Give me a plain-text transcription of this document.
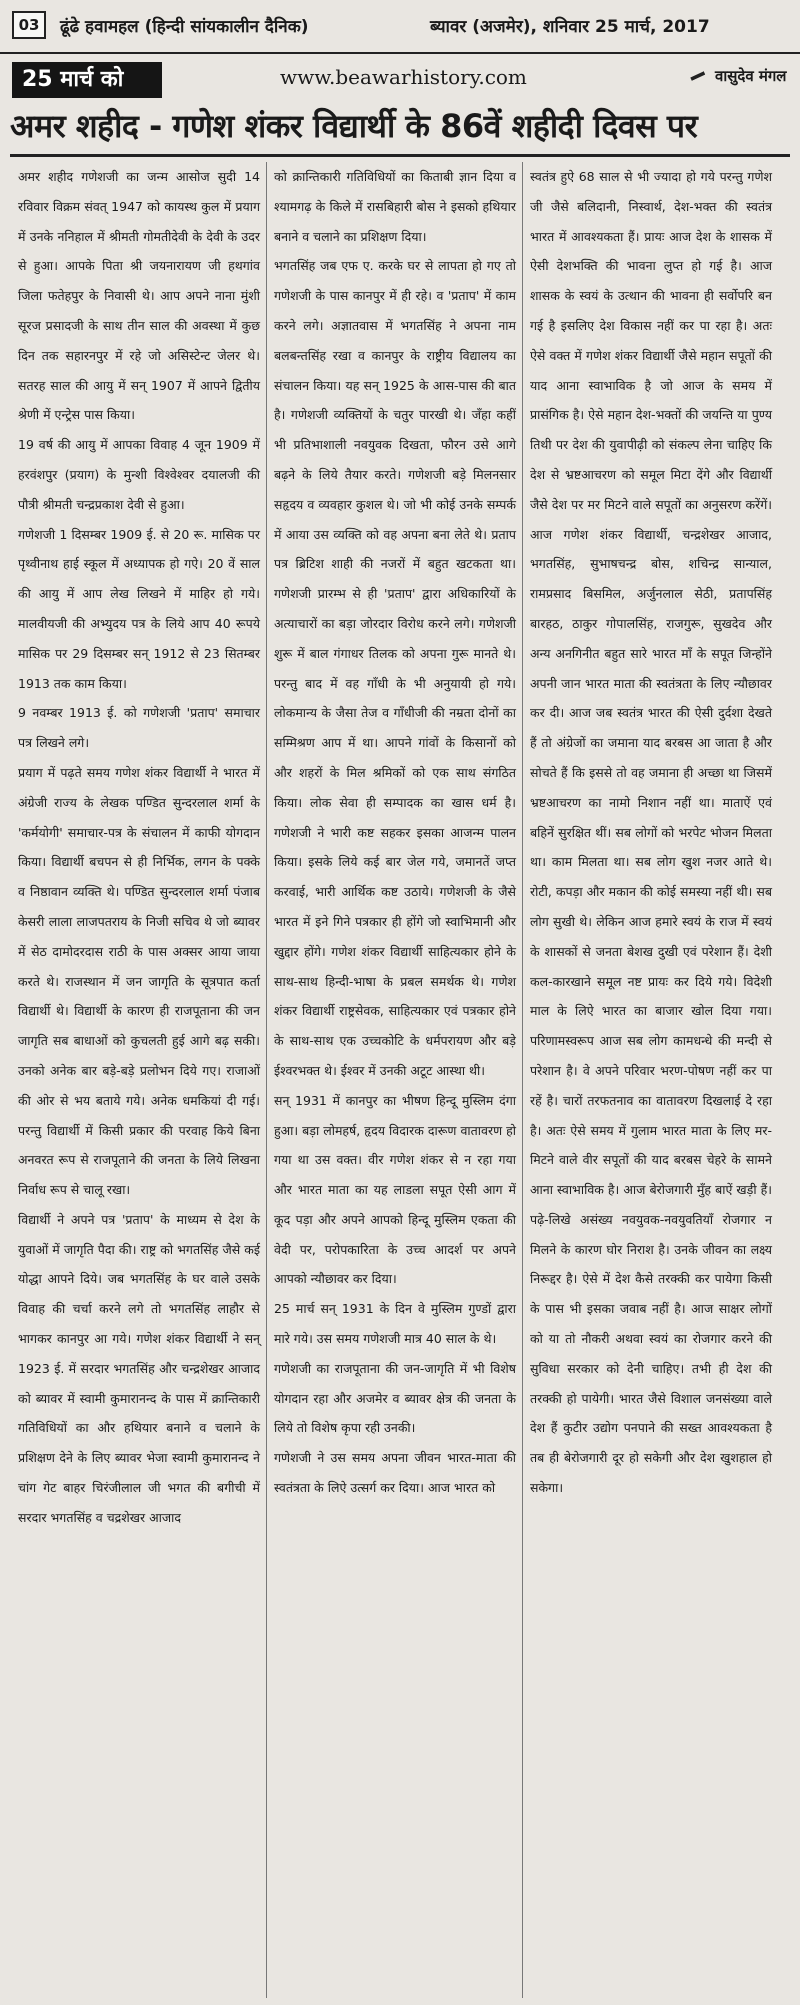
03	ढूंढे हवामहल (हिन्दी सांयकालीन दैनिक)	ब्यावर (अजमेर), शनिवार 25 मार्च, 2017
25 मार्च को	www.beawarhistory.com	वासुदेव मंगल
अमर शहीद - गणेश शंकर विद्यार्थी के 86वें शहीदी दिवस पर

अमर शहीद गणेशजी का जन्म आसोज सुदी 14 रविवार विक्रम संवत् 1947 को कायस्थ कुल में प्रयाग में उनके ननिहाल में श्रीमती गोमतीदेवी के देवी के उदर से हुआ। आपके पिता श्री जयनारायण जी हथगांव जिला फतेहपुर के निवासी थे। आप अपने नाना मुंशी सूरज प्रसादजी के साथ तीन साल की अवस्था में कुछ दिन तक सहारनपुर में रहे जो असिस्टेन्ट जेलर थे। सतरह साल की आयु में सन् 1907 में आपने द्वितीय श्रेणी में एन्ट्रेस पास किया।

19 वर्ष की आयु में आपका विवाह 4 जून 1909 में हरवंशपुर (प्रयाग) के मुन्शी विश्वेश्वर दयालजी की पौत्री श्रीमती चन्द्रप्रकाश देवी से हुआ।

गणेशजी 1 दिसम्बर 1909 ई. से 20 रू. मासिक पर पृथ्वीनाथ हाई स्कूल में अध्यापक हो गऐ। 20 वें साल की आयु में आप लेख लिखने में माहिर हो गये। मालवीयजी की अभ्युदय पत्र के लिये आप 40 रूपये मासिक पर 29 दिसम्बर सन् 1912 से 23 सितम्बर 1913 तक काम किया।

9 नवम्बर 1913 ई. को गणेशजी 'प्रताप' समाचार पत्र लिखने लगे।

प्रयाग में पढ़ते समय गणेश शंकर विद्यार्थी ने भारत में अंग्रेजी राज्य के लेखक पण्डित सुन्दरलाल शर्मा के 'कर्मयोगी' समाचार-पत्र के संचालन में काफी योगदान किया। विद्यार्थी बचपन से ही निर्भिक, लगन के पक्के व निष्ठावान व्यक्ति थे। पण्डित सुन्दरलाल शर्मा पंजाब केसरी लाला लाजपतराय के निजी सचिव थे जो ब्यावर में सेठ दामोदरदास राठी के पास अक्सर आया जाया करते थे। राजस्थान में जन जागृति के सूत्रपात कर्ता विद्यार्थी थे। विद्यार्थी के कारण ही राजपूताना की जन जागृति सब बाधाओं को कुचलती हुई आगे बढ़ सकी। उनको अनेक बार बड़े-बड़े प्रलोभन दिये गए। राजाओं की ओर से भय बताये गये। अनेक धमकियां दी गई। परन्तु विद्यार्थी में किसी प्रकार की परवाह किये बिना अनवरत रूप से राजपूताने की जनता के लिये लिखना निर्वाध रूप से चालू रखा।

विद्यार्थी ने अपने पत्र 'प्रताप' के माध्यम से देश के युवाओं में जागृति पैदा की। राष्ट्र को भगतसिंह जैसे कई योद्धा आपने दिये। जब भगतसिंह के घर वाले उसके विवाह की चर्चा करने लगे तो भगतसिंह लाहौर से भागकर कानपुर आ गये। गणेश शंकर विद्यार्थी ने सन् 1923 ई. में सरदार भगतसिंह और चन्द्रशेखर आजाद को ब्यावर में स्वामी कुमारानन्द के पास में क्रान्तिकारी गतिविधियों का और हथियार बनाने व चलाने के प्रशिक्षण देने के लिए ब्यावर भेजा स्वामी कुमारानन्द ने चांग गेट बाहर चिरंजीलाल जी भगत की बगीची में सरदार भगतसिंह व चद्रशेखर आजाद

को क्रान्तिकारी गतिविधियों का किताबी ज्ञान दिया व श्यामगढ़ के किले में रासबिहारी बोस ने इसको हथियार बनाने व चलाने का प्रशिक्षण दिया।

भगतसिंह जब एफ ए. करके घर से लापता हो गए तो गणेशजी के पास कानपुर में ही रहे। व 'प्रताप' में काम करने लगे। अज्ञातवास में भगतसिंह ने अपना नाम बलबन्तसिंह रखा व कानपुर के राष्ट्रीय विद्यालय का संचालन किया। यह सन् 1925 के आस-पास की बात है। गणेशजी व्यक्तियों के चतुर पारखी थे। जँहा कहीं भी प्रतिभाशाली नवयुवक दिखता, फौरन उसे आगे बढ़ने के लिये तैयार करते। गणेशजी बड़े मिलनसार सहृदय व व्यवहार कुशल थे। जो भी कोई उनके सम्पर्क में आया उस व्यक्ति को वह अपना बना लेते थे। प्रताप पत्र ब्रिटिश शाही की नजरों में बहुत खटकता था। गणेशजी प्रारम्भ से ही 'प्रताप' द्वारा अधिकारियों के अत्याचारों का बड़ा जोरदार विरोध करने लगे। गणेशजी शुरू में बाल गंगाधर तिलक को अपना गुरू मानते थे। परन्तु बाद में वह गाँधी के भी अनुयायी हो गये। लोकमान्य के जैसा तेज व गाँधीजी की नम्रता दोनों का सम्मिश्रण आप में था। आपने गांवों के किसानों को और शहरों के मिल श्रमिकों को एक साथ संगठित किया। लोक सेवा ही सम्पादक का खास धर्म है। गणेशजी ने भारी कष्ट सहकर इसका आजन्म पालन किया। इसके लिये कई बार जेल गये, जमानतें जप्त करवाई, भारी आर्थिक कष्ट उठाये। गणेशजी के जैसे भारत में इने गिने पत्रकार ही होंगे जो स्वाभिमानी और खुद्दार होंगे। गणेश शंकर विद्यार्थी साहित्यकार होने के साथ-साथ हिन्दी-भाषा के प्रबल समर्थक थे। गणेश शंकर विद्यार्थी राष्ट्रसेवक, साहित्यकार एवं पत्रकार होने के साथ-साथ एक उच्चकोटि के धर्मपरायण और बड़े ईश्वरभक्त थे। ईश्वर में उनकी अटूट आस्था थी।

सन् 1931 में कानपुर का भीषण हिन्दू मुस्लिम दंगा हुआ। बड़ा लोमहर्ष, हृदय विदारक दारूण वातावरण हो गया था उस वक्त। वीर गणेश शंकर से न रहा गया और भारत माता का यह लाडला सपूत ऐसी आग में कूद पड़ा और अपने आपको हिन्दू मुस्लिम एकता की वेदी पर, परोपकारिता के उच्च आदर्श पर अपने आपको न्यौछावर कर दिया।

25 मार्च सन् 1931 के दिन वे मुस्लिम गुण्डों द्वारा मारे गये। उस समय गणेशजी मात्र 40 साल के थे।

गणेशजी का राजपूताना की जन-जागृति में भी विशेष योगदान रहा और अजमेर व ब्यावर क्षेत्र की जनता के लिये तो विशेष कृपा रही उनकी।

गणेशजी ने उस समय अपना जीवन भारत-माता की स्वतंत्रता के लिऐ उत्सर्ग कर दिया। आज भारत को

स्वतंत्र हुऐ 68 साल से भी ज्यादा हो गये परन्तु गणेश जी जैसे बलिदानी, निस्वार्थ, देश-भक्त की स्वतंत्र भारत में आवश्यकता हैं। प्रायः आज देश के शासक में ऐसी देशभक्ति की भावना लुप्त हो गई है। आज शासक के स्वयं के उत्थान की भावना ही सर्वोपरि बन गई है इसलिए देश विकास नहीं कर पा रहा है। अतः ऐसे वक्त में गणेश शंकर विद्यार्थी जैसे महान सपूतों की याद आना स्वाभाविक है जो आज के समय में प्रासंगिक है। ऐसे महान देश-भक्तों की जयन्ति या पुण्य तिथी पर देश की युवापीढ़ी को संकल्प लेना चाहिए कि देश से भ्रष्टआचरण को समूल मिटा देंगे और विद्यार्थी जैसे देश पर मर मिटने वाले सपूतों का अनुसरण करेंगें। आज गणेश शंकर विद्यार्थी, चन्द्रशेखर आजाद, भगतसिंह, सुभाषचन्द्र बोस, शचिन्द्र सान्याल, रामप्रसाद बिसमिल, अर्जुनलाल सेठी, प्रतापसिंह बारहठ, ठाकुर गोपालसिंह, राजगुरू, सुखदेव और अन्य अनगिनीत बहुत सारे भारत माँ के सपूत जिन्होंने अपनी जान भारत माता की स्वतंत्रता के लिए न्यौछावर कर दी। आज जब स्वतंत्र भारत की ऐसी दुर्दशा देखते हैं तो अंग्रेजों का जमाना याद बरबस आ जाता है और सोचते हैं कि इससे तो वह जमाना ही अच्छा था जिसमें भ्रष्टआचरण का नामो निशान नहीं था। माताऐं एवं बहिनें सुरक्षित थीं। सब लोगों को भरपेट भोजन मिलता था। काम मिलता था। सब लोग खुश नजर आते थे। रोटी, कपड़ा और मकान की कोई समस्या नहीं थी। सब लोग सुखी थे। लेकिन आज हमारे स्वयं के राज में स्वयं के शासकों से जनता बेशख दुखी एवं परेशान हैं। देशी कल-कारखाने समूल नष्ट प्रायः कर दिये गये। विदेशी माल के लिऐ भारत का बाजार खोल दिया गया। परिणामस्वरूप आज सब लोग कामधन्धे की मन्दी से परेशान है। वे अपने परिवार भरण-पोषण नहीं कर पा रहें है। चारों तरफतनाव का वातावरण दिखलाई दे रहा है। अतः ऐसे समय में गुलाम भारत माता के लिए मर-मिटने वाले वीर सपूतों की याद बरबस चेहरे के सामने आना स्वाभाविक है। आज बेरोजगारी मुँह बाऐं खड़ी हैं। पढ़े-लिखे असंख्य नवयुवक-नवयुवतियाँ रोजगार न मिलने के कारण घोर निराश है। उनके जीवन का लक्ष्य निरूद्दर है। ऐसे में देश कैसे तरक्की कर पायेगा किसी के पास भी इसका जवाब नहीं है। आज साक्षर लोगों को या तो नौकरी अथवा स्वयं का रोजगार करने की सुविधा सरकार को देनी चाहिए। तभी ही देश की तरक्की हो पायेगी। भारत जैसे विशाल जनसंख्या वाले देश हैं कुटीर उद्योग पनपाने की सख्त आवश्यकता है तब ही बेरोजगारी दूर हो सकेगी और देश खुशहाल हो सकेगा।
